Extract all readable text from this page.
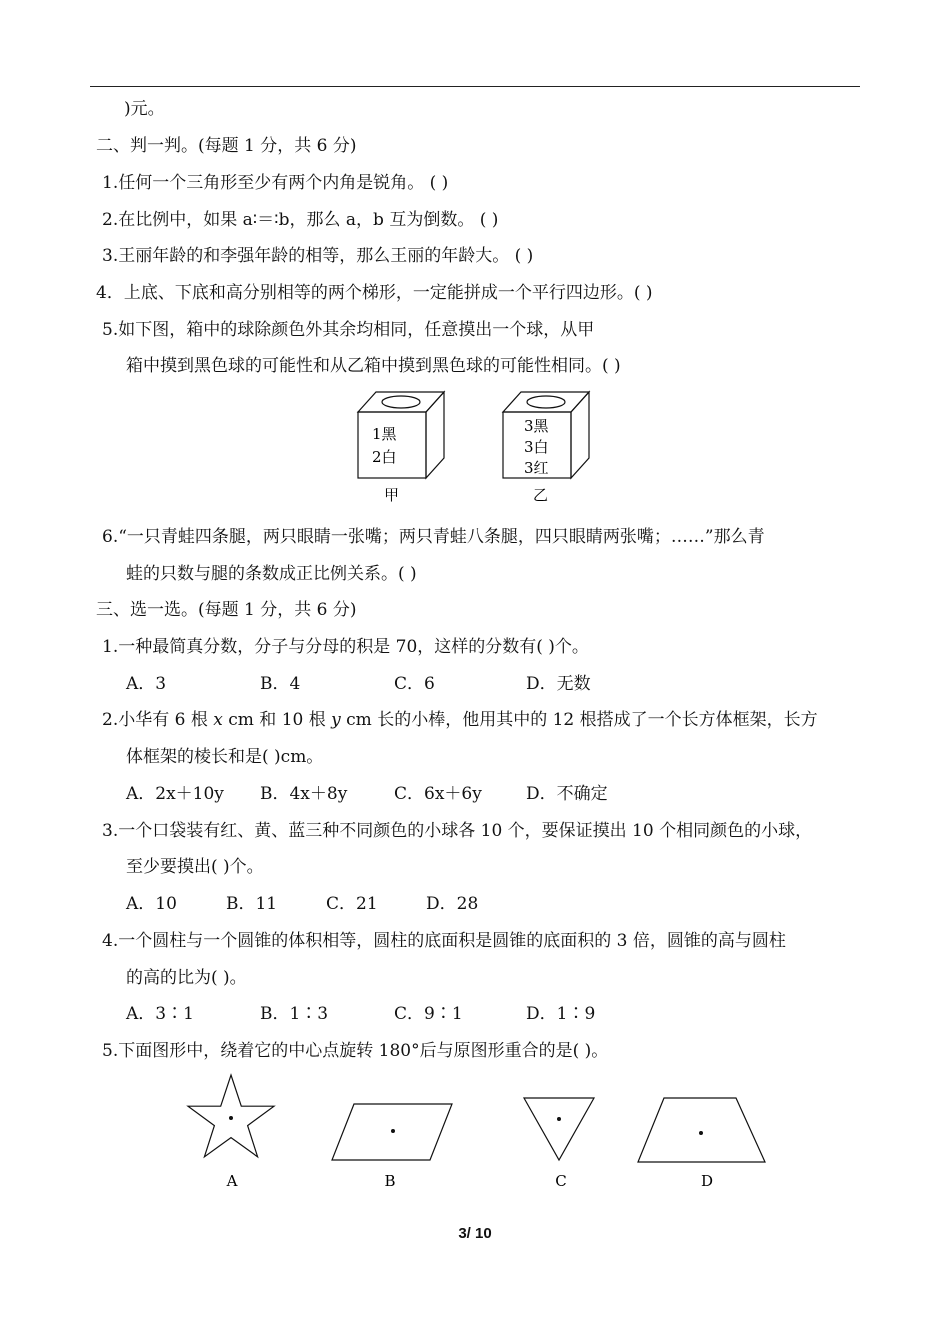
)元。
二、判一判。(每题 1 分，共 6 分)
1.任何一个三角形至少有两个内角是锐角。 ( )
2.在比例中，如果 a∶＝∶b，那么 a，b 互为倒数。 ( )
3.王丽年龄的和李强年龄的相等，那么王丽的年龄大。 ( )
4．上底、下底和高分别相等的两个梯形，一定能拼成一个平行四边形。( )
5.如下图，箱中的球除颜色外其余均相同，任意摸出一个球，从甲
箱中摸到黑色球的可能性和从乙箱中摸到黑色球的可能性相同。( )
1黑
2白
甲
3黑
3白
3红
乙
6.“一只青蛙四条腿，两只眼睛一张嘴；两只青蛙八条腿，四只眼睛两张嘴；……”那么青
蛙的只数与腿的条数成正比例关系。( )
三、选一选。(每题 1 分，共 6 分)
1.一种最简真分数，分子与分母的积是 70，这样的分数有( )个。
A．3	B．4	C．6	D．无数
2.小华有 6 根 x cm 和 10 根 y cm 长的小棒，他用其中的 12 根搭成了一个长方体框架，长方
体框架的棱长和是( )cm。
A．2x＋10y B．4x＋8y	C．6x＋6y	D．不确定
3.一个口袋装有红、黄、蓝三种不同颜色的小球各 10 个，要保证摸出 10 个相同颜色的小球，
至少要摸出( )个。
A．10	B．11	C．21	D．28
4.一个圆柱与一个圆锥的体积相等，圆柱的底面积是圆锥的底面积的 3 倍，圆锥的高与圆柱
的高的比为( )。
A．3∶1	B．1∶3	C．9∶1	D．1∶9
5.下面图形中，绕着它的中心点旋转 180°后与原图形重合的是( )。
A	B	C	D
3/ 10
